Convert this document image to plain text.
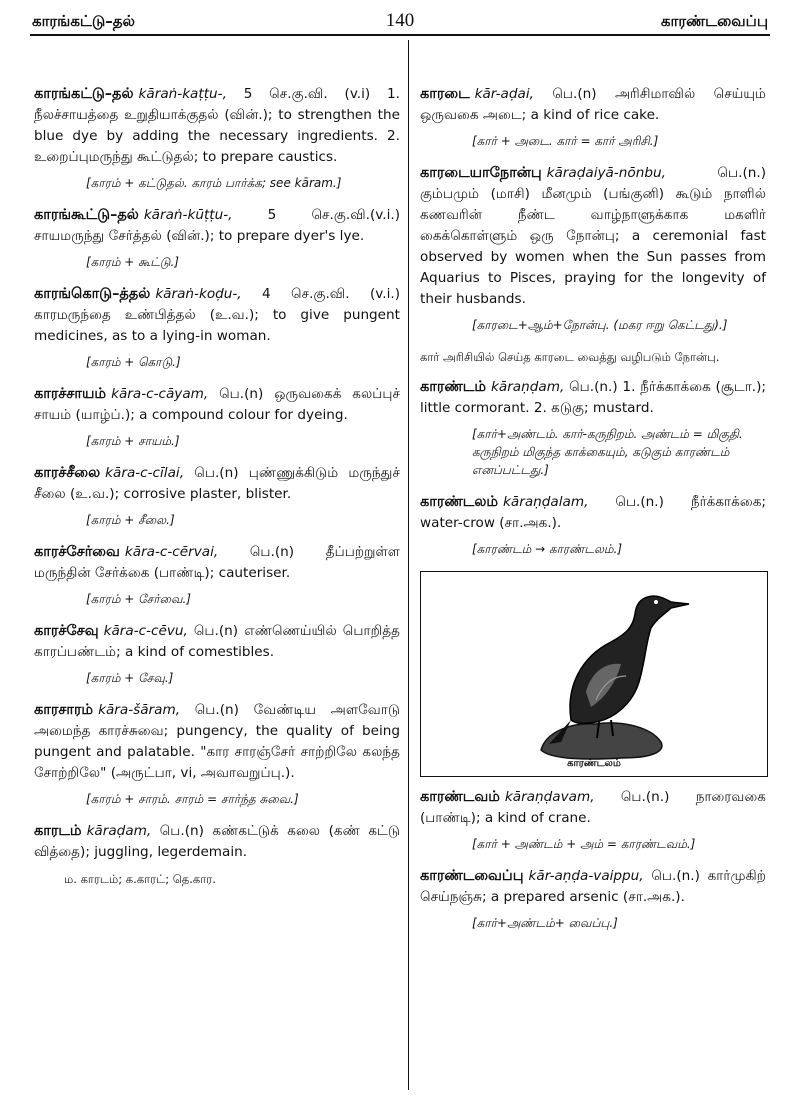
காரங்கட்டு–தல்	140	காரண்டவைப்பு
காரங்கட்டு–தல் kāraṅ-kaṭṭu-, 5 செ.கு.வி. (v.i) 1. நீலச்சாயத்தை உறுதியாக்குதல் (வின்.); to strengthen the blue dye by adding the necessary ingredients. 2. உறைப்புமருந்து கூட்டுதல்; to prepare caustics.
[காரம் + கட்டுதல். காரம் பார்க்க; see kāram.]
காரங்கூட்டு–தல் kāraṅ-kūṭṭu-, 5 செ.கு.வி.(v.i.) சாயமருந்து சேர்த்தல் (வின்.); to prepare dyer's lye.
[காரம் + கூட்டு.]
காரங்கொடு–த்தல் kāraṅ-koḍu-, 4 செ.கு.வி. (v.i.) காரமருந்தை உண்பித்தல் (உ.வ.); to give pungent medicines, as to a lying-in woman.
[காரம் + கொடு.]
காரச்சாயம் kāra-c-cāyam, பெ.(n) ஒருவகைக் கலப்புச் சாயம் (யாழ்ப்.); a compound colour for dyeing.
[காரம் + சாயம்.]
காரச்சீலை kāra-c-cīlai, பெ.(n) புண்ணுக்கிடும் மருந்துச் சீலை (உ.வ.); corrosive plaster, blister.
[காரம் + சீலை.]
காரச்சேர்வை kāra-c-cērvai, பெ.(n) தீப்பற்றுள்ள மருந்தின் சேர்க்கை (பாண்டி); cauteriser.
[காரம் + சேர்வை.]
காரச்சேவு kāra-c-cēvu, பெ.(n) எண்ணெய்யில் பொறித்த காரப்பண்டம்; a kind of comestibles.
[காரம் + சேவு.]
காரசாரம் kāra-šāram, பெ.(n) வேண்டிய அளவோடு அமைந்த காரச்சுவை; pungency, the quality of being pungent and palatable. "கார சாரஞ்சேர் சாற்றிலே கலந்த சோற்றிலே" (அருட்பா, vi, அவாவறுப்பு.).
[காரம் + சாரம். சாரம் = சார்ந்த சுவை.]
காரடம் kāraḍam, பெ.(n) கண்கட்டுக் கலை (கண் கட்டு வித்தை); juggling, legerdemain.
ம. காரடம்; க.காரட்; தெ.கார.
காரடை kār-aḍai, பெ.(n) அரிசிமாவில் செய்யும் ஒருவகை அடை; a kind of rice cake.
[கார் + அடை. கார் = கார் அரிசி.]
காரடையாநோன்பு kāraḍaiyā-nōnbu, பெ.(n.) கும்பமும் (மாசி) மீனமும் (பங்குனி) கூடும் நாளில் கணவரின் நீண்ட வாழ்நாளுக்காக மகளிர் கைக்கொள்ளும் ஒரு நோன்பு; a ceremonial fast observed by women when the Sun passes from Aquarius to Pisces, praying for the longevity of their husbands.
[காரடை+ஆம்+நோன்பு. (மகர ஈறு கெட்டது).]
கார் அரிசியில் செய்த காரடை வைத்து வழிபடும் நோன்பு.
காரண்டம் kāraṇḍam, பெ.(n.) 1. நீர்க்காக்கை (சூடா.); little cormorant. 2. கடுகு; mustard.
[கார்+அண்டம். கார்-கருநிறம். அண்டம் = மிகுதி. கருநிறம் மிகுந்த காக்கையும், கடுகும் காரண்டம் எனப்பட்டது.]
காரண்டலம் kāraṇḍalam, பெ.(n.) நீர்க்காக்கை; water-crow (சா.அக.).
[காரண்டம் → காரண்டலம்.]
காரண்டலம்
காரண்டவம் kāraṇḍavam, பெ.(n.) நாரைவகை (பாண்டி); a kind of crane.
[கார் + அண்டம் + அம் = காரண்டவம்.]
காரண்டவைப்பு kār-aṇḍa-vaippu, பெ.(n.) கார்முகிற் செய்நஞ்சு; a prepared arsenic (சா.அக.).
[கார்+அண்டம்+ வைப்பு.]
